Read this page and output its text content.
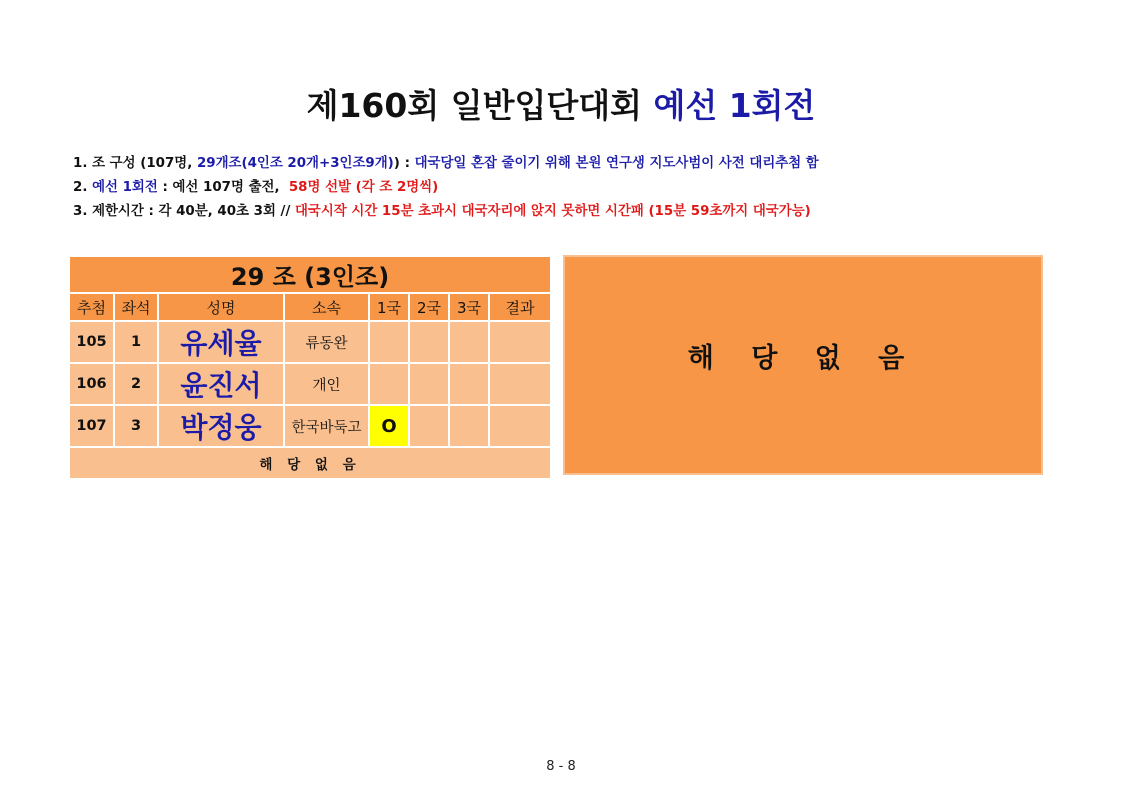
제160회 일반입단대회 예선 1회전
1. 조 구성 (107명, 29개조(4인조 20개+3인조9개)) : 대국당일 혼잡 줄이기 위해 본원 연구생 지도사범이 사전 대리추첨 함
2. 예선 1회전 : 예선 107명 출전,  58명 선발 (각 조 2명씩)
3. 제한시간 : 각 40분, 40초 3회 // 대국시작 시간 15분 초과시 대국자리에 앉지 못하면 시간패 (15분 59초까지 대국가능)
29 조 (3인조)							
추첨	좌석	성명	소속	1국	2국	3국	결과
105	1	유세율	류동완				
106	2	윤진서	개인				
107	3	박정웅	한국바둑고	O			
해 당 없 음							
해 당 없 음
8 - 8
